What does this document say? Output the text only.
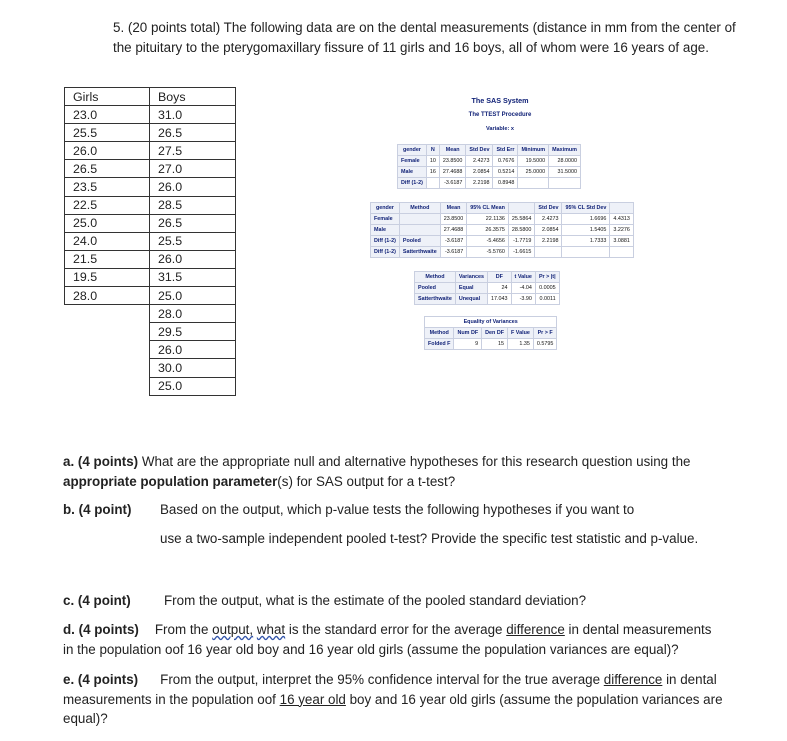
5. (20 points total) The following data are on the dental measurements (distance in mm from the center of the pituitary to the pterygomaxillary fissure of 11 girls and 16 boys, all of whom were 16 years of age.
Girls	Boys
23.0	31.0
25.5	26.5
26.0	27.5
26.5	27.0
23.5	26.0
22.5	28.5
25.0	26.5
24.0	25.5
21.5	26.0
19.5	31.5
28.0	25.0
	28.0
	29.5
	26.0
	30.0
	25.0
The SAS System
The TTEST Procedure
Variable: x
gender	N	Mean	Std Dev	Std Err	Minimum	Maximum
Female	10	23.8500	2.4273	0.7676	19.5000	28.0000
Male	16	27.4688	2.0854	0.5214	25.0000	31.5000
Diff (1-2)		-3.6187	2.2198	0.8948		
gender	Method	Mean	95% CL Mean		Std Dev	95% CL Std Dev	
Female		23.8500	22.1136	25.5864	2.4273	1.6696	4.4313
Male		27.4688	26.3575	28.5800	2.0854	1.5405	3.2276
Diff (1-2)	Pooled	-3.6187	-5.4656	-1.7719	2.2198	1.7333	3.0881
Diff (1-2)	Satterthwaite	-3.6187	-5.5760	-1.6615			
Method	Variances	DF	t Value	Pr > |t|
Pooled	Equal	24	-4.04	0.0005
Satterthwaite	Unequal	17.043	-3.90	0.0011
Equality of Variances				
Method	Num DF	Den DF	F Value	Pr > F
Folded F	9	15	1.35	0.5795
a. (4 points) What are the appropriate null and alternative hypotheses for this research question using the
appropriate population parameter(s) for SAS output for a t-test?
b. (4 point) Based on the output, which p-value tests the following hypotheses if you want to
use a two-sample independent pooled t-test? Provide the specific test statistic and p-value.
c. (4 point) From the output, what is the estimate of the pooled standard deviation?
d. (4 points) From the output, what is the standard error for the average difference in dental measurements
in the population oof 16 year old boy and 16 year old girls (assume the population variances are equal)?
e. (4 points) From the output, interpret the 95% confidence interval for the true average difference in dental
measurements in the population oof 16 year old boy and 16 year old girls (assume the population variances are
equal)?
